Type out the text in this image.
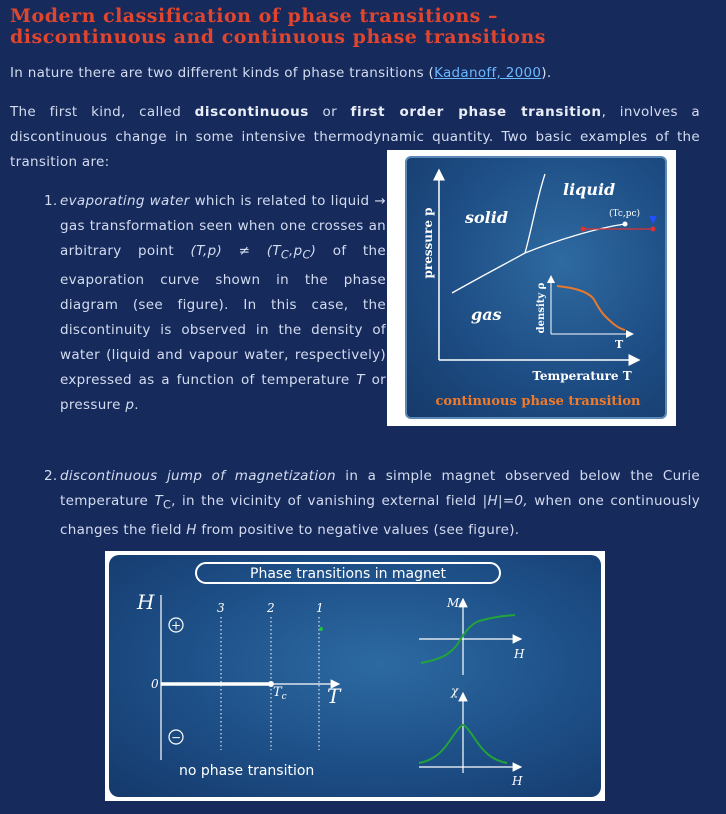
Modern classification of phase transitions –
discontinuous and continuous phase transitions
In nature there are two different kinds of phase transitions (Kadanoff, 2000).
The first kind, called discontinuous or first order phase transition, involves a discontinuous change in some intensive thermodynamic quantity. Two basic examples of the transition are:
1. evaporating water which is related to liquid → gas transformation seen when one crosses an arbitrary point $(T,p) \ne (T_C,p_C)$ of the evaporation curve shown in the phase diagram (see figure). In this case, the discontinuity is observed in the density of water (liquid and vapour water, respectively) expressed as a function of temperature T or pressure p.
pressure p
Temperature T
solid
liquid
gas
(Tc,pc)
density ρ
T
continuous phase transition
2. discontinuous jump of magnetization in a simple magnet observed below the Curie temperature $T_C$, in the vicinity of vanishing external field |H|=0, when one continuously changes the field H from positive to negative values (see figure).
Phase transitions in magnet
H
+
−
0	T
$T_c$
3	2	1	M
H
χ
H
no phase transition
